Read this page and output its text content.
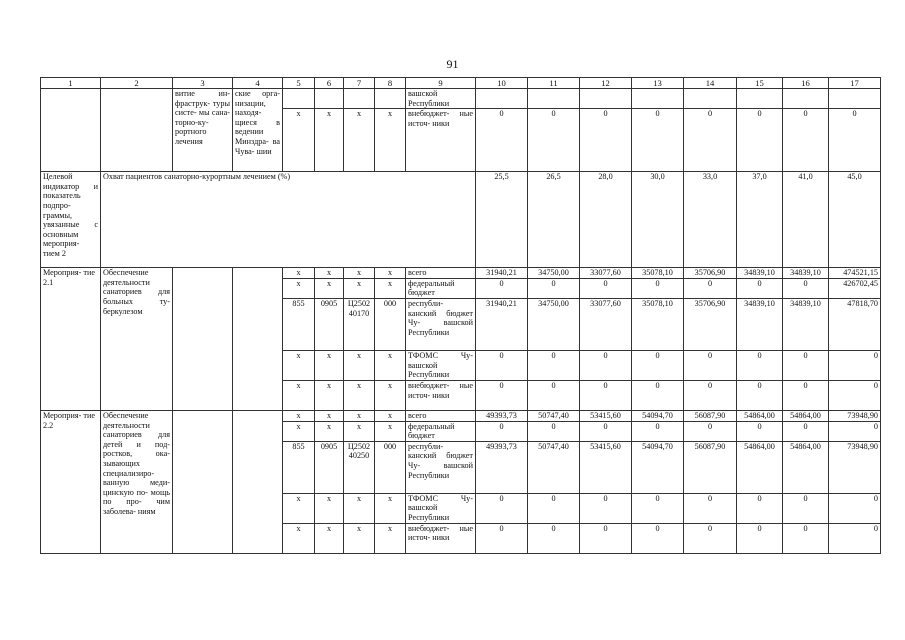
91
1	2	3	4	5	6	7	8	9	10	11	12	13	14	15	16	17
		витие ин- фраструк- туры систе- мы сана- торно-ку- рортного лечения	ские орга- низации, находя- щиеся в ведении Минздра- ва Чува- шии					вашской Республики								
				x	x	x	x	внебюджет- ные источ- ники	0	0	0	0	0	0	0	0
Целевой индикатор и показатель подпро- граммы, увязанные с основным мероприя- тием 2	Охват пациентов санаторно-курортным лечением (%)								25,5	26,5	28,0	30,0	33,0	37,0	41,0	45,0
Мероприя- тие 2.1	Обеспечение деятельности санаториев для больных ту- беркулезом			x	x	x	x	всего	31940,21	34750,00	33077,60	35078,10	35706,90	34839,10	34839,10	474521,15
				x	x	x	x	федеральный бюджет	0	0	0	0	0	0	0	426702,45
				855	0905	Ц2502 40170	000	республи- канский бюджет Чу- вашской Республики	31940,21	34750,00	33077,60	35078,10	35706,90	34839,10	34839,10	47818,70
				x	x	x	x	ТФОМС Чу- вашской Республики	0	0	0	0	0	0	0	0
				x	x	x	x	внебюджет- ные источ- ники	0	0	0	0	0	0	0	0
Мероприя- тие 2.2	Обеспечение деятельности санаториев для детей и под- ростков, ока- зывающих специализиро- ванную меди- цинскую по- мощь по про- чим заболева- ниям			x	x	x	x	всего	49393,73	50747,40	53415,60	54094,70	56087,90	54864,00	54864,00	73948,90
				x	x	x	x	федеральный бюджет	0	0	0	0	0	0	0	0
				855	0905	Ц2502 40250	000	республи- канский бюджет Чу- вашской Республики	49393,73	50747,40	53415,60	54094,70	56087,90	54864,00	54864,00	73948,90
				x	x	x	x	ТФОМС Чу- вашской Республики	0	0	0	0	0	0	0	0
				x	x	x	x	внебюджет- ные источ- ники	0	0	0	0	0	0	0	0
